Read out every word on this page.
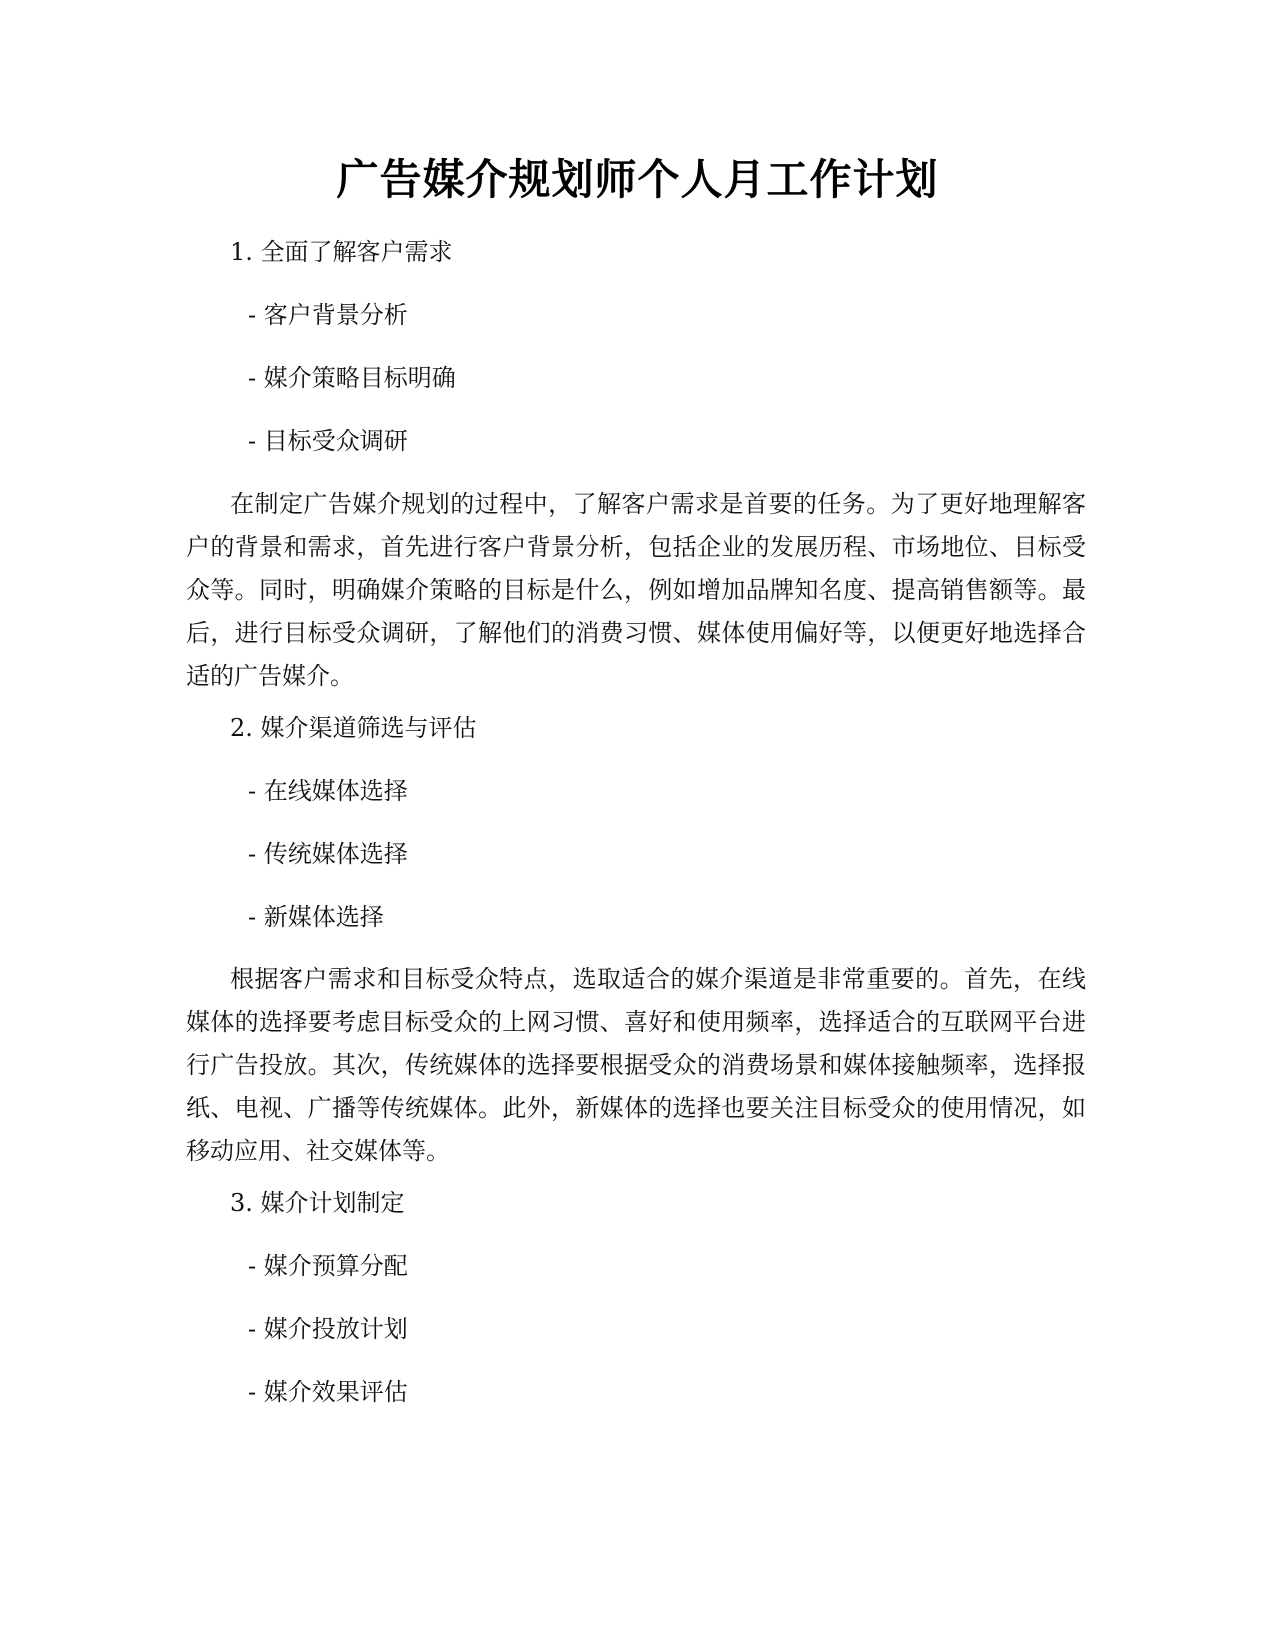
广告媒介规划师个人月工作计划
1. 全面了解客户需求
- 客户背景分析
- 媒介策略目标明确
- 目标受众调研
在制定广告媒介规划的过程中，了解客户需求是首要的任务。为了更好地理解客户的背景和需求，首先进行客户背景分析，包括企业的发展历程、市场地位、目标受众等。同时，明确媒介策略的目标是什么，例如增加品牌知名度、提高销售额等。最后，进行目标受众调研，了解他们的消费习惯、媒体使用偏好等，以便更好地选择合适的广告媒介。
2. 媒介渠道筛选与评估
- 在线媒体选择
- 传统媒体选择
- 新媒体选择
根据客户需求和目标受众特点，选取适合的媒介渠道是非常重要的。首先，在线媒体的选择要考虑目标受众的上网习惯、喜好和使用频率，选择适合的互联网平台进行广告投放。其次，传统媒体的选择要根据受众的消费场景和媒体接触频率，选择报纸、电视、广播等传统媒体。此外，新媒体的选择也要关注目标受众的使用情况，如移动应用、社交媒体等。
3. 媒介计划制定
- 媒介预算分配
- 媒介投放计划
- 媒介效果评估
